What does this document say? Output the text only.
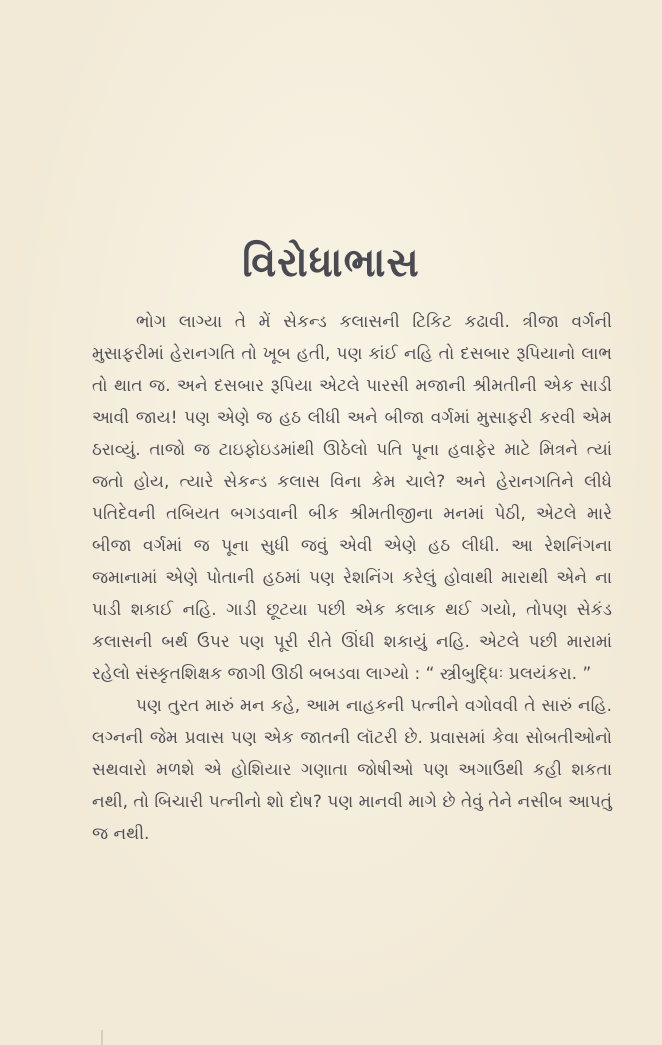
વિરોધાભાસ

ભોગ લાગ્યા તે મેં સેકન્ડ કલાસની ટિકિટ કઢાવી. ત્રીજા વર્ગની મુસાફરીમાં હેરાનગતિ તો ખૂબ હતી, પણ કાંઈ નહિ તો દસબાર રૂપિયાનો લાભ તો થાત જ. અને દસબાર રૂપિયા એટલે પારસી મજાની શ્રીમતીની એક સાડી આવી જાય! પણ એણે જ હઠ લીધી અને બીજા વર્ગમાં મુસાફરી કરવી એમ ઠરાવ્યું. તાજો જ ટાઇફોઇડમાંથી ઊઠેલો પતિ પૂના હવાફેર માટે મિત્રને ત્યાં જતો હોય, ત્યારે સેકન્ડ કલાસ વિના કેમ ચાલે? અને હેરાનગતિને લીધે પતિદેવની તબિયત બગડવાની બીક શ્રીમતીજીના મનમાં પેઠી, એટલે મારે બીજા વર્ગમાં જ પૂના સુધી જવું એવી એણે હઠ લીધી. આ રેશનિંગના જમાનામાં એણે પોતાની હઠમાં પણ રેશનિંગ કરેલું હોવાથી મારાથી એને ના પાડી શકાઈ નહિ. ગાડી છૂટયા પછી એક કલાક થઈ ગયો, તોપણ સેકંડ કલાસની બર્થ ઉપર પણ પૂરી રીતે ઊંઘી શકાયું નહિ. એટલે પછી મારામાં રહેલો સંસ્કૃતશિક્ષક જાગી ઊઠી બબડવા લાગ્યો : “ સ્ત્રીબુદ્ધિઃ પ્રલયંકરા. ”

પણ તુરત મારું મન કહે, આમ નાહકની પત્નીને વગોવવી તે સારું નહિ. લગ્નની જેમ પ્રવાસ પણ એક જાતની લૉટરી છે. પ્રવાસમાં કેવા સોબતીઓનો સથવારો મળશે એ હોશિયાર ગણાતા જોષીઓ પણ અગાઉથી કહી શકતા નથી, તો બિચારી પત્નીનો શો દોષ? પણ માનવી માગે છે તેવું તેને નસીબ આપતું જ નથી.
